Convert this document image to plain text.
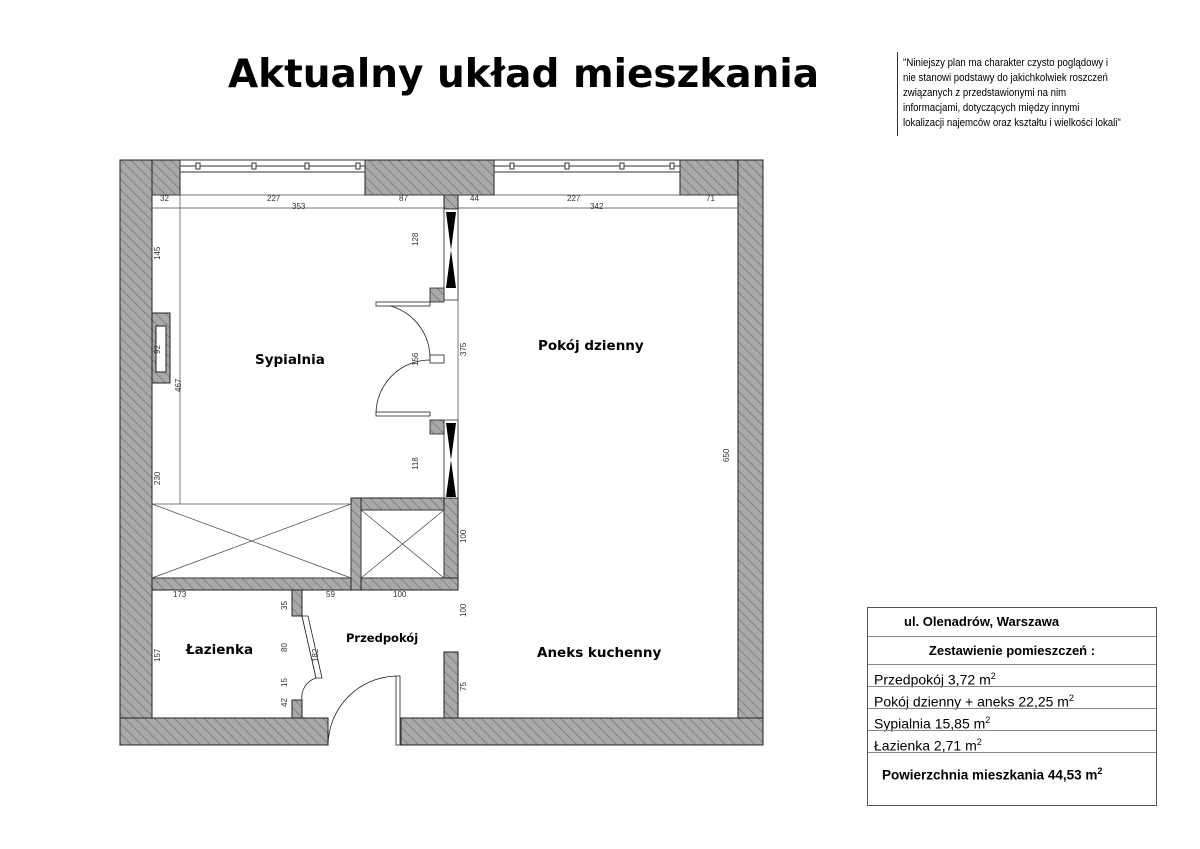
Aktualny układ mieszkania	"Niniejszy plan ma charakter czysto poglądowy i nie stanowi podstawy do jakichkolwiek roszczeń związanych z przedstawionymi na nim informacjami, dotyczących między innymi lokalizacji najemców oraz kształtu i wielkości lokali"
Sypialnia
Pokój dzienny
Łazienka
Przedpokój
Aneks kuchenny
32	227	87	44	227	71
353	342
173	59	100
145
92
467
230
128
156
118
375
100
100
650
75
157
35
80
182
15
42
ul. Olenadrów, Warszawa
Zestawienie pomieszczeń :
Przedpokój 3,72 $m^2$
Pokój dzienny + aneks 22,25 $m^2$
Sypialnia 15,85 $m^2$
Łazienka 2,71 $m^2$
Powierzchnia mieszkania 44,53 $m^2$
